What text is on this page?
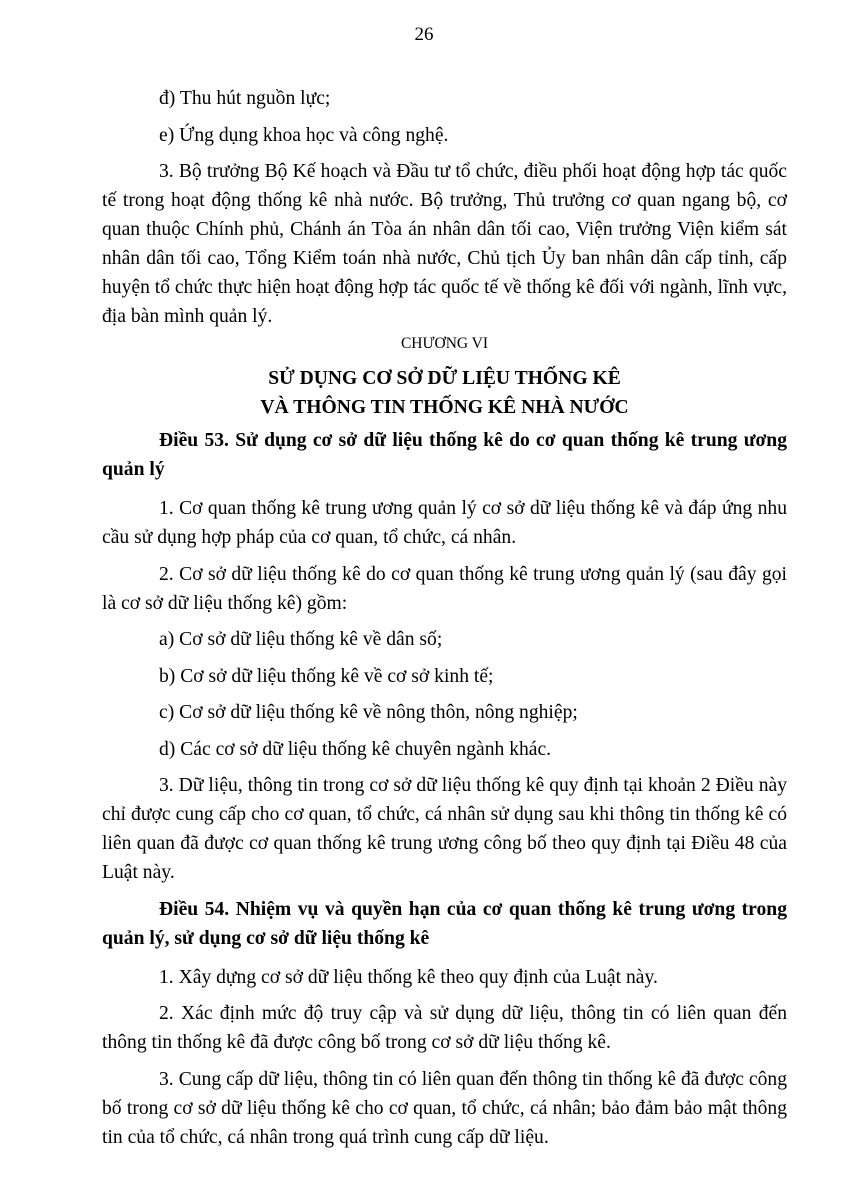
26

đ) Thu hút nguồn lực;

e) Ứng dụng khoa học và công nghệ.

3. Bộ trưởng Bộ Kế hoạch và Đầu tư tổ chức, điều phối hoạt động hợp tác quốc tế trong hoạt động thống kê nhà nước. Bộ trưởng, Thủ trưởng cơ quan ngang bộ, cơ quan thuộc Chính phủ, Chánh án Tòa án nhân dân tối cao, Viện trưởng Viện kiểm sát nhân dân tối cao, Tổng Kiểm toán nhà nước, Chủ tịch Ủy ban nhân dân cấp tỉnh, cấp huyện tổ chức thực hiện hoạt động hợp tác quốc tế về thống kê đối với ngành, lĩnh vực, địa bàn mình quản lý.

CHƯƠNG VI
SỬ DỤNG CƠ SỞ DỮ LIỆU THỐNG KÊ
VÀ THÔNG TIN THỐNG KÊ NHÀ NƯỚC

Điều 53. Sử dụng cơ sở dữ liệu thống kê do cơ quan thống kê trung ương quản lý

1. Cơ quan thống kê trung ương quản lý cơ sở dữ liệu thống kê và đáp ứng nhu cầu sử dụng hợp pháp của cơ quan, tổ chức, cá nhân.

2. Cơ sở dữ liệu thống kê do cơ quan thống kê trung ương quản lý (sau đây gọi là cơ sở dữ liệu thống kê) gồm:

a) Cơ sở dữ liệu thống kê về dân số;

b) Cơ sở dữ liệu thống kê về cơ sở kinh tế;

c) Cơ sở dữ liệu thống kê về nông thôn, nông nghiệp;

d) Các cơ sở dữ liệu thống kê chuyên ngành khác.

3. Dữ liệu, thông tin trong cơ sở dữ liệu thống kê quy định tại khoản 2 Điều này chỉ được cung cấp cho cơ quan, tổ chức, cá nhân sử dụng sau khi thông tin thống kê có liên quan đã được cơ quan thống kê trung ương công bố theo quy định tại Điều 48 của Luật này.

Điều 54. Nhiệm vụ và quyền hạn của cơ quan thống kê trung ương trong quản lý, sử dụng cơ sở dữ liệu thống kê

1. Xây dựng cơ sở dữ liệu thống kê theo quy định của Luật này.

2. Xác định mức độ truy cập và sử dụng dữ liệu, thông tin có liên quan đến thông tin thống kê đã được công bố trong cơ sở dữ liệu thống kê.

3. Cung cấp dữ liệu, thông tin có liên quan đến thông tin thống kê đã được công bố trong cơ sở dữ liệu thống kê cho cơ quan, tổ chức, cá nhân; bảo đảm bảo mật thông tin của tổ chức, cá nhân trong quá trình cung cấp dữ liệu.
